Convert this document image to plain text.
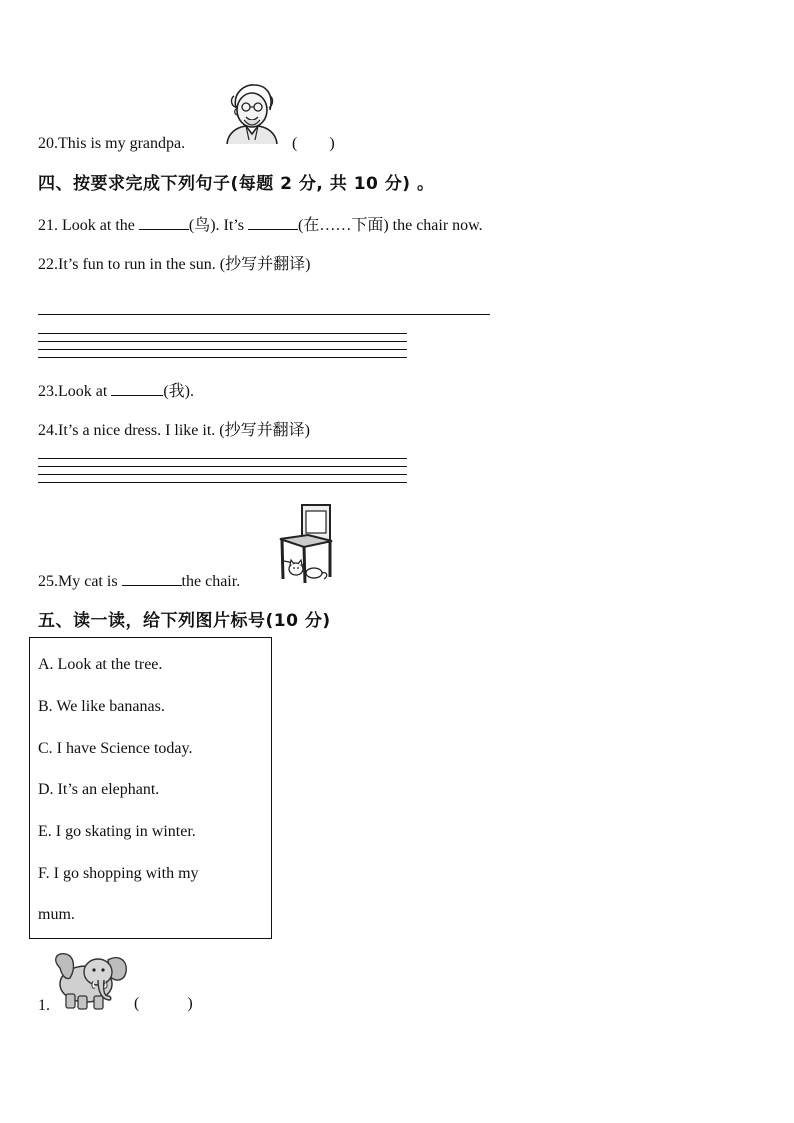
20.This is my grandpa.	(　　)
四、按要求完成下列句子(每题 2 分, 共 10 分) 。
21. Look at the	(鸟). It’s	(在……下面) the chair now.
22.It’s fun to run in the sun. (抄写并翻译)
23.Look at	(我).
24.It’s a nice dress. I like it. (抄写并翻译)
25.My cat is	the chair.
五、读一读，给下列图片标号(10 分)
A. Look at the tree.
B. We like bananas.
C. I have Science today.
D. It’s an elephant.
E. I go skating in winter.
F. I go shopping with my
mum.
1.	(　　　)
